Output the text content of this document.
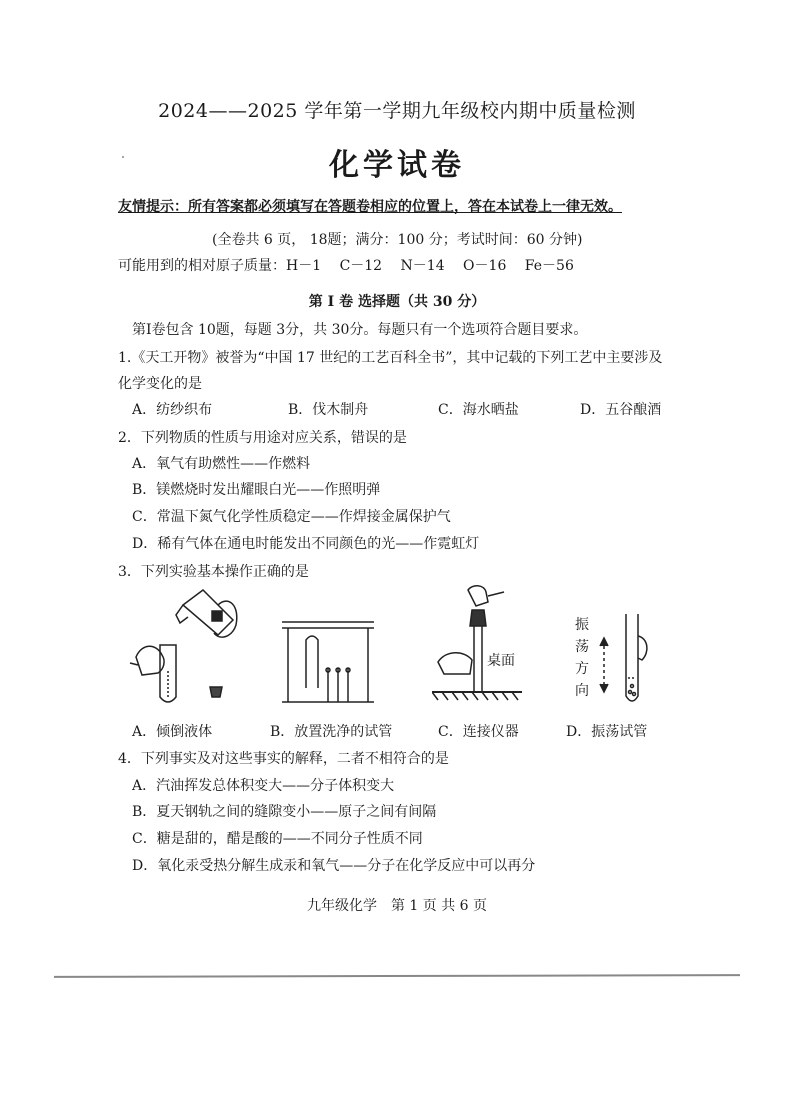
2024——2025 学年第一学期九年级校内期中质量检测
化学试卷
友情提示：所有答案都必须填写在答题卷相应的位置上，答在本试卷上一律无效。
(全卷共 6 页， 18题；满分：100 分；考试时间：60 分钟)
可能用到的相对原子质量：H－1　 C－12　 N－14　 O－16　 Fe－56
第 I 卷 选择题（共 30 分）
第Ⅰ卷包含 10题，每题 3分，共 30分。每题只有一个选项符合题目要求。
1.《天工开物》被誉为“中国 17 世纪的工艺百科全书”，其中记载的下列工艺中主要涉及
化学变化的是
A．纺纱织布	B．伐木制舟	C．海水晒盐	D．五谷酿酒
2．下列物质的性质与用途对应关系，错误的是
A．氧气有助燃性——作燃料
B．镁燃烧时发出耀眼白光——作照明弹
C．常温下氮气化学性质稳定——作焊接金属保护气
D．稀有气体在通电时能发出不同颜色的光——作霓虹灯
3．下列实验基本操作正确的是
桌面
振
荡
方
向
A．倾倒液体	B．放置洗净的试管	C．连接仪器	D．振荡试管
4．下列事实及对这些事实的解释，二者不相符合的是
A．汽油挥发总体积变大——分子体积变大
B．夏天钢轨之间的缝隙变小——原子之间有间隔
C．糖是甜的，醋是酸的——不同分子性质不同
D．氧化汞受热分解生成汞和氧气——分子在化学反应中可以再分
九年级化学　第 1 页 共 6 页
